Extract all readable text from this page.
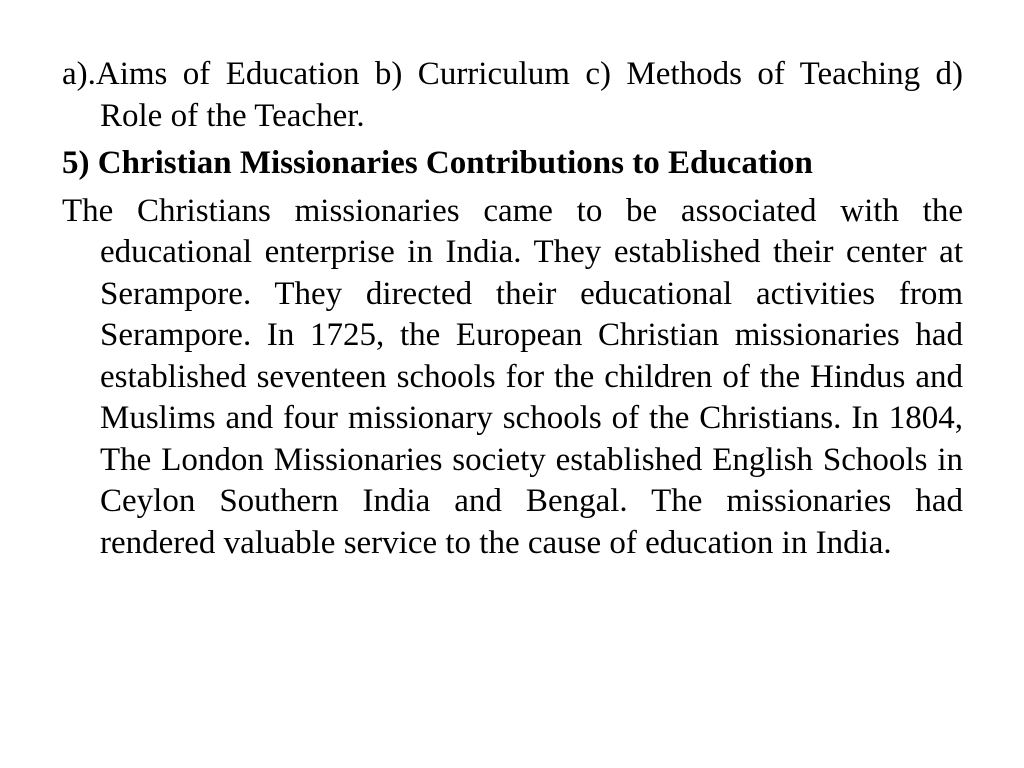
a).Aims of Education b) Curriculum c) Methods of Teaching d) Role of the Teacher.

5) Christian Missionaries Contributions to Education

The Christians missionaries came to be associated with the educational enterprise in India. They established their center at Serampore. They directed their educational activities from Serampore. In 1725, the European Christian missionaries had established seventeen schools for the children of the Hindus and Muslims and four missionary schools of the Christians. In 1804, The London Missionaries society established English Schools in Ceylon Southern India and Bengal. The missionaries had rendered valuable service to the cause of education in India.
